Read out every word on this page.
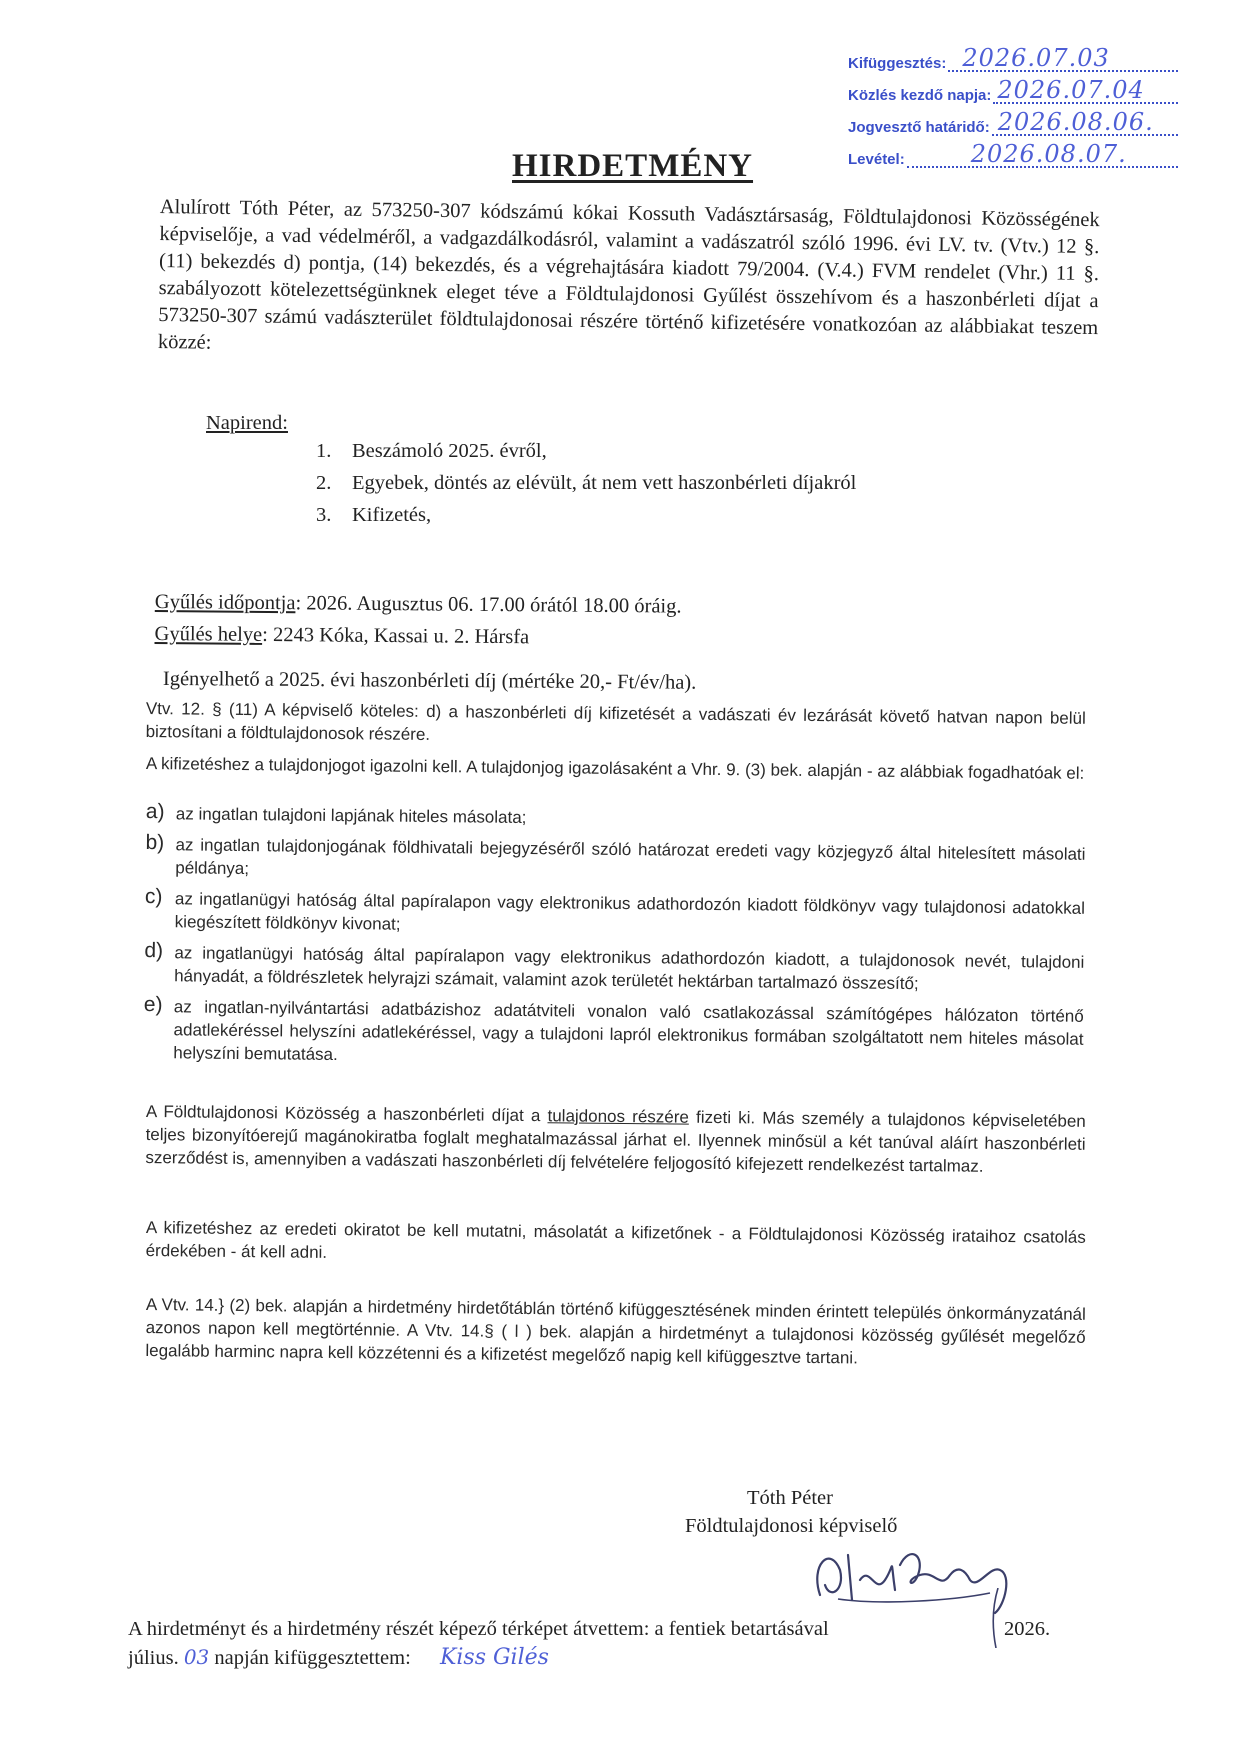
Kifüggesztés: 2026.07.03
Közlés kezdő napja: 2026.07.04
Jogvesztő határidő: 2026.08.06.
Levétel:	2026.08.07.
HIRDETMÉNY
Alulírott Tóth Péter, az 573250-307 kódszámú kókai Kossuth Vadásztársaság, Földtulajdonosi Közösségének képviselője, a vad védelméről, a vadgazdálkodásról, valamint a vadászatról szóló 1996. évi LV. tv. (Vtv.) 12 §. (11) bekezdés d) pontja, (14) bekezdés, és a végrehajtására kiadott 79/2004. (V.4.) FVM rendelet (Vhr.) 11 §. szabályozott kötelezettségünknek eleget téve a Földtulajdonosi Gyűlést összehívom és a haszonbérleti díjat a 573250-307 számú vadászterület földtulajdonosai részére történő kifizetésére vonatkozóan az alábbiakat teszem közzé:
Napirend:
1.	Beszámoló 2025. évről,
2.	Egyebek, döntés az elévült, át nem vett haszonbérleti díjakról
3.	Kifizetés,
Gyűlés időpontja: 2026. Augusztus 06. 17.00 órától 18.00 óráig.
Gyűlés helye: 2243 Kóka, Kassai u. 2. Hársfa
Igényelhető a 2025. évi haszonbérleti díj (mértéke 20,- Ft/év/ha).
Vtv. 12. § (11) A képviselő köteles: d) a haszonbérleti díj kifizetését a vadászati év lezárását követő hatvan napon belül biztosítani a földtulajdonosok részére.
A kifizetéshez a tulajdonjogot igazolni kell. A tulajdonjog igazolásaként a Vhr. 9. (3) bek. alapján - az alábbiak fogadhatóak el:
a) az ingatlan tulajdoni lapjának hiteles másolata;
b) az ingatlan tulajdonjogának földhivatali bejegyzéséről szóló határozat eredeti vagy közjegyző által hitelesített másolati példánya;
c) az ingatlanügyi hatóság által papíralapon vagy elektronikus adathordozón kiadott földkönyv vagy tulajdonosi adatokkal kiegészített földkönyv kivonat;
d) az ingatlanügyi hatóság által papíralapon vagy elektronikus adathordozón kiadott, a tulajdonosok nevét, tulajdoni hányadát, a földrészletek helyrajzi számait, valamint azok területét hektárban tartalmazó összesítő;
e) az ingatlan-nyilvántartási adatbázishoz adatátviteli vonalon való csatlakozással számítógépes hálózaton történő adatlekéréssel helyszíni adatlekéréssel, vagy a tulajdoni lapról elektronikus formában szolgáltatott nem hiteles másolat helyszíni bemutatása.
A Földtulajdonosi Közösség a haszonbérleti díjat a tulajdonos részére fizeti ki. Más személy a tulajdonos képviseletében teljes bizonyítóerejű magánokiratba foglalt meghatalmazással járhat el. Ilyennek minősül a két tanúval aláírt haszonbérleti szerződést is, amennyiben a vadászati haszonbérleti díj felvételére feljogosító kifejezett rendelkezést tartalmaz.
A kifizetéshez az eredeti okiratot be kell mutatni, másolatát a kifizetőnek - a Földtulajdonosi Közösség irataihoz csatolás érdekében - át kell adni.
A Vtv. 14.} (2) bek. alapján a hirdetmény hirdetőtáblán történő kifüggesztésének minden érintett település önkormányzatánál azonos napon kell megtörténnie. A Vtv. 14.§ ( l ) bek. alapján a hirdetményt a tulajdonosi közösség gyűlését megelőző legalább harminc napra kell közzétenni és a kifizetést megelőző napig kell kifüggesztve tartani.
Tóth Péter
Földtulajdonosi képviselő
A hirdetményt és a hirdetmény részét képező térképet átvettem: a fentiek betartásával	2026.
július. 03 napján kifüggesztettem: Kiss Gilés
